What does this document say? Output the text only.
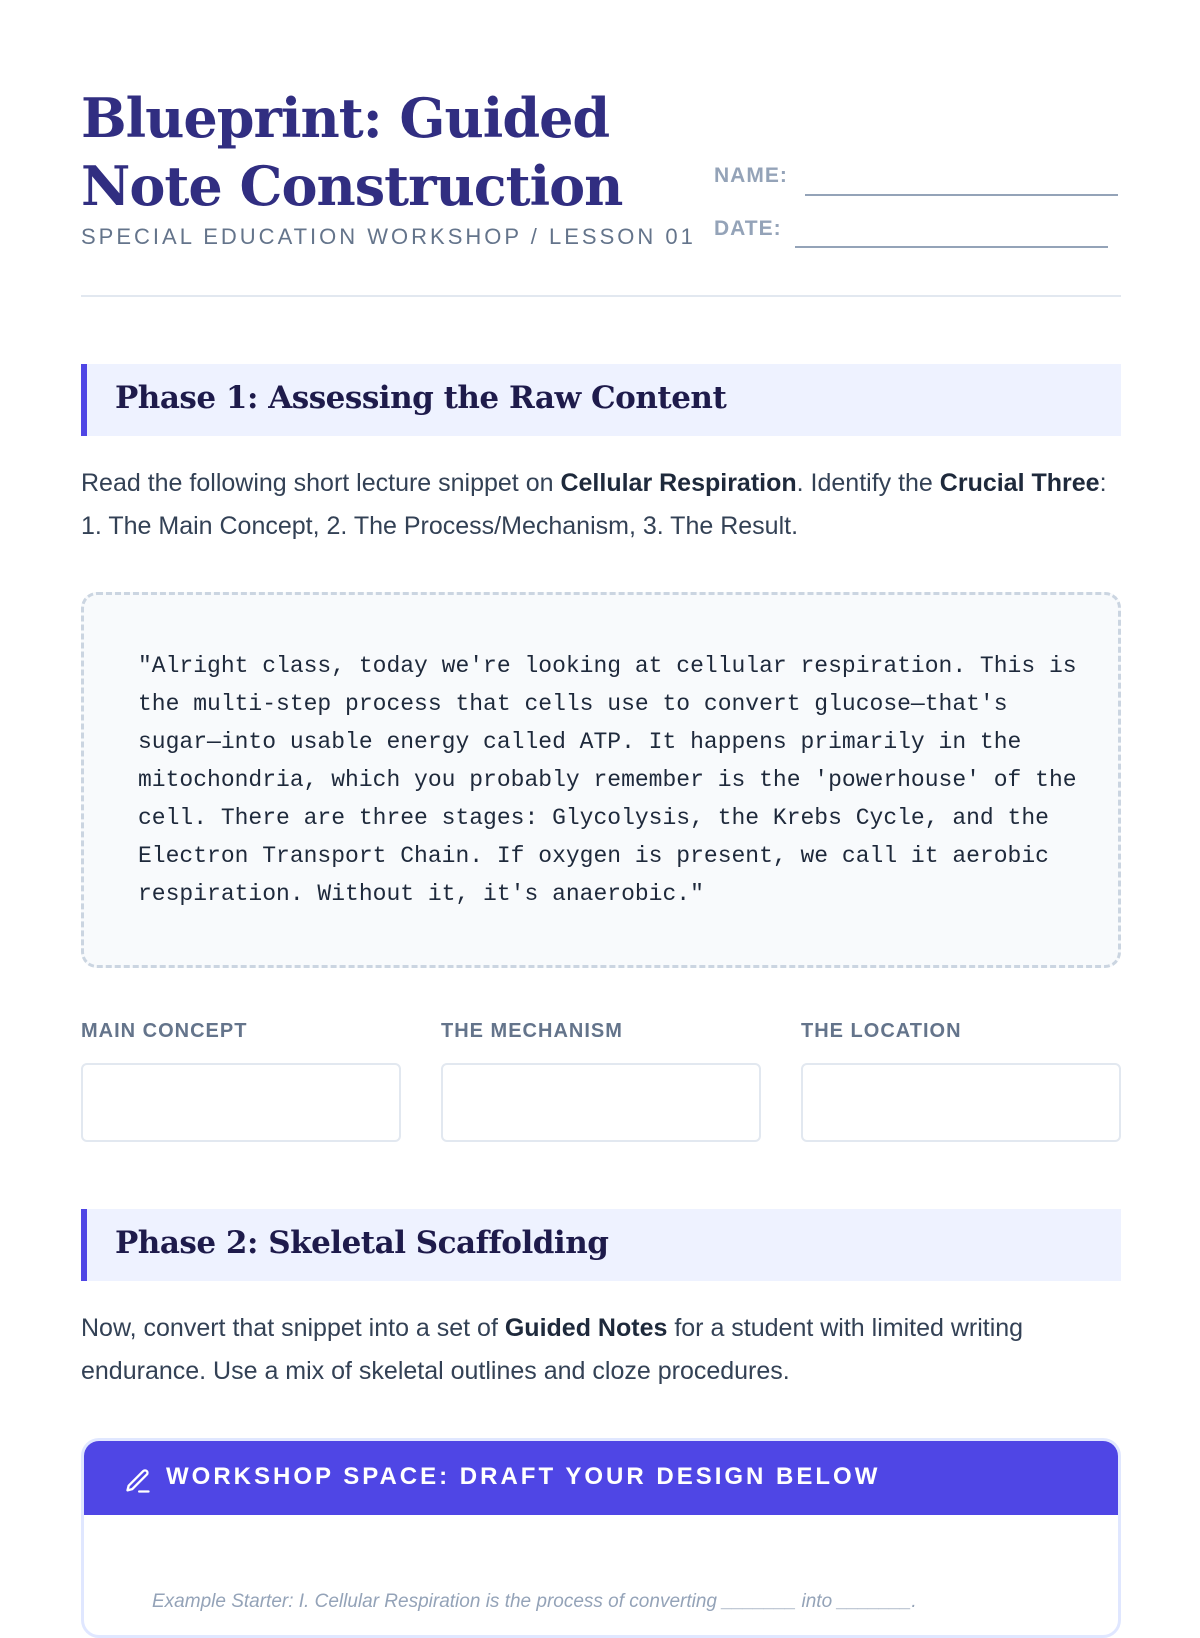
Blueprint: Guided
Note Construction
SPECIAL EDUCATION WORKSHOP / LESSON 01
NAME:
DATE:
Phase 1: Assessing the Raw Content

Read the following short lecture snippet on Cellular Respiration. Identify the Crucial Three: 1. The Main Concept, 2. The Process/Mechanism, 3. The Result.

"Alright class, today we're looking at cellular respiration. This is the multi-step process that cells use to convert glucose—that's sugar—into usable energy called ATP. It happens primarily in the mitochondria, which you probably remember is the 'powerhouse' of the cell. There are three stages: Glycolysis, the Krebs Cycle, and the Electron Transport Chain. If oxygen is present, we call it aerobic respiration. Without it, it's anaerobic."

MAIN CONCEPT	THE MECHANISM	THE LOCATION
Phase 2: Skeletal Scaffolding

Now, convert that snippet into a set of Guided Notes for a student with limited writing endurance. Use a mix of skeletal outlines and cloze procedures.

WORKSHOP SPACE: DRAFT YOUR DESIGN BELOW
Example Starter: I. Cellular Respiration is the process of converting _______ into _______.
